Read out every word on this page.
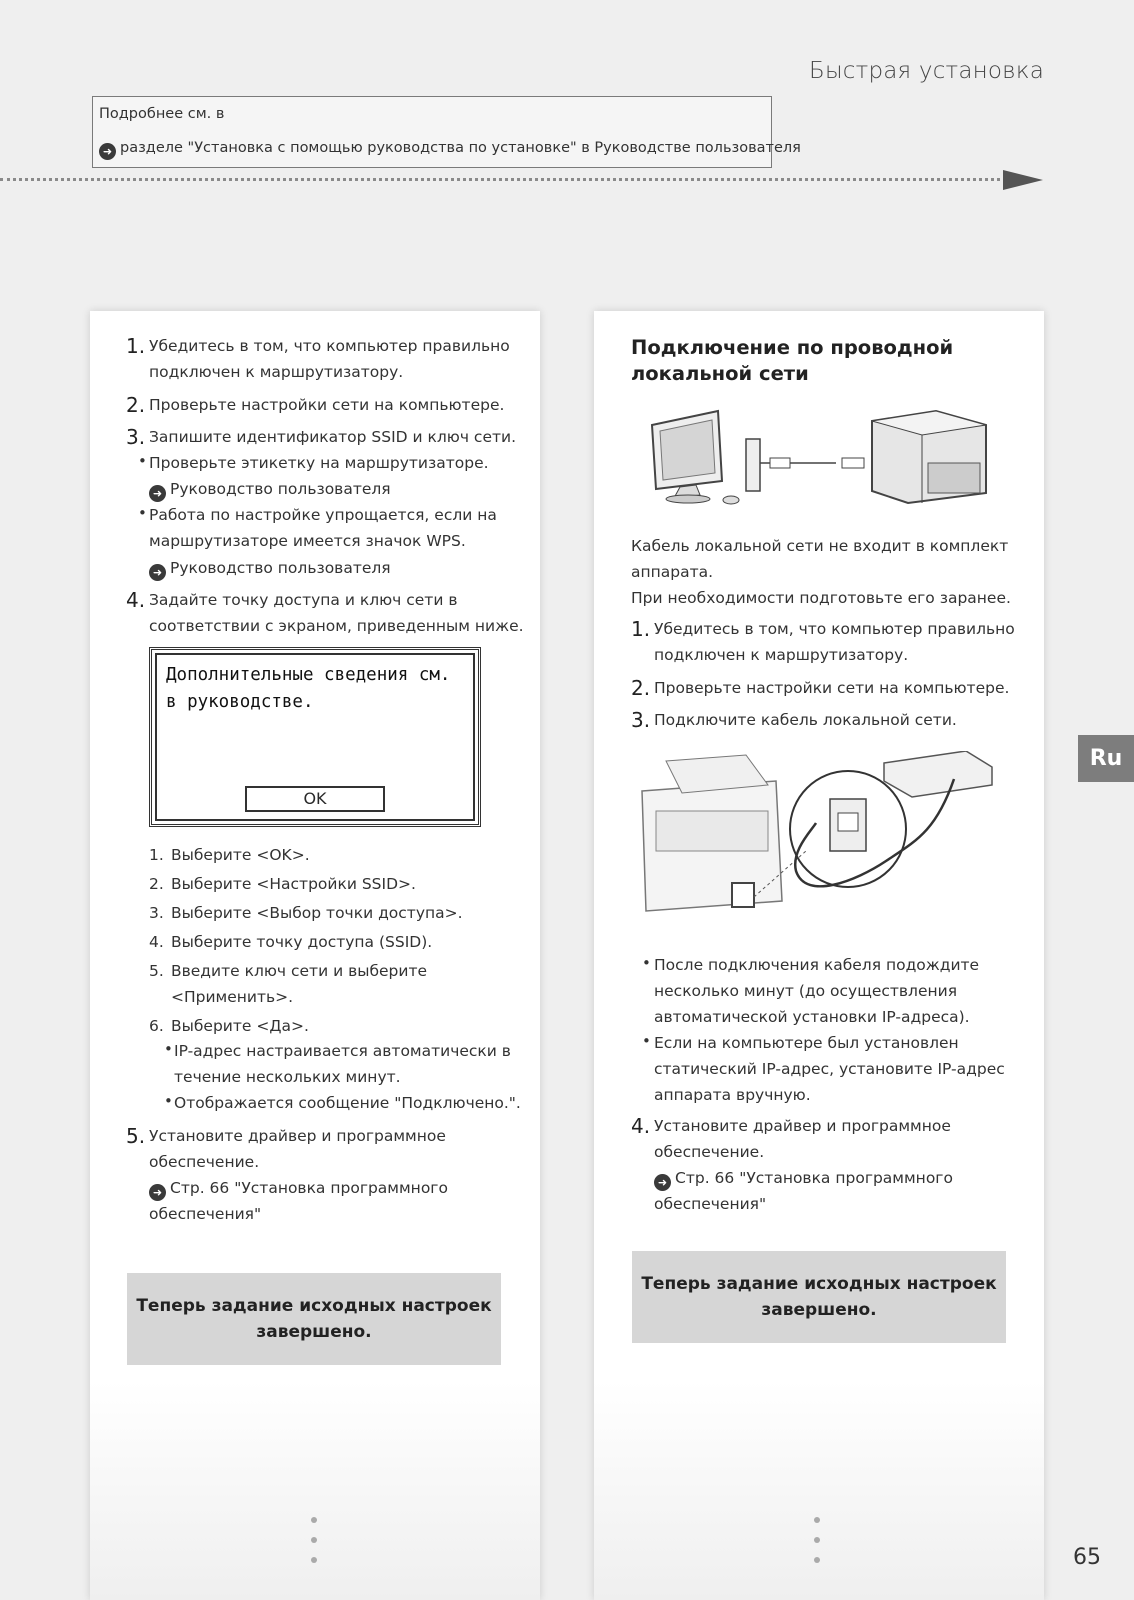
Быстрая установка
Подробнее см. в
➜ разделе "Установка с помощью руководства по установке" в Руководстве пользователя
1. Убедитесь в том, что компьютер правильно
подключен к маршрутизатору.
2. Проверьте настройки сети на компьютере.
3. Запишите идентификатор SSID и ключ сети.
• Проверьте этикетку на маршрутизаторе.
➜ Руководство пользователя
• Работа по настройке упрощается, если на
маршрутизаторе имеется значок WPS.
➜ Руководство пользователя
4. Задайте точку доступа и ключ сети в
соответствии с экраном, приведенным ниже.
Дополнительные сведения см.
в руководстве.
OK
1. Выберите <OK>.
2. Выберите <Настройки SSID>.
3. Выберите <Выбор точки доступа>.
4. Выберите точку доступа (SSID).
5. Введите ключ сети и выберите
<Применить>.
6. Выберите <Да>.
• IP-адрес настраивается автоматически в
течение нескольких минут.
• Отображается сообщение "Подключено.".
5. Установите драйвер и программное
обеспечение.
➜ Стр. 66 "Установка программного
обеспечения"
Теперь задание исходных настроек
завершено.
Подключение по проводной
локальной сети
Кабель локальной сети не входит в комплект
аппарата.
При необходимости подготовьте его заранее.
1. Убедитесь в том, что компьютер правильно
подключен к маршрутизатору.
2. Проверьте настройки сети на компьютере.
3. Подключите кабель локальной сети.
• После подключения кабеля подождите
несколько минут (до осуществления
автоматической установки IP-адреса).
• Если на компьютере был установлен
статический IP-адрес, установите IP-адрес
аппарата вручную.
4. Установите драйвер и программное
обеспечение.
➜ Стр. 66 "Установка программного
обеспечения"
Теперь задание исходных настроек
завершено.
Ru
65
